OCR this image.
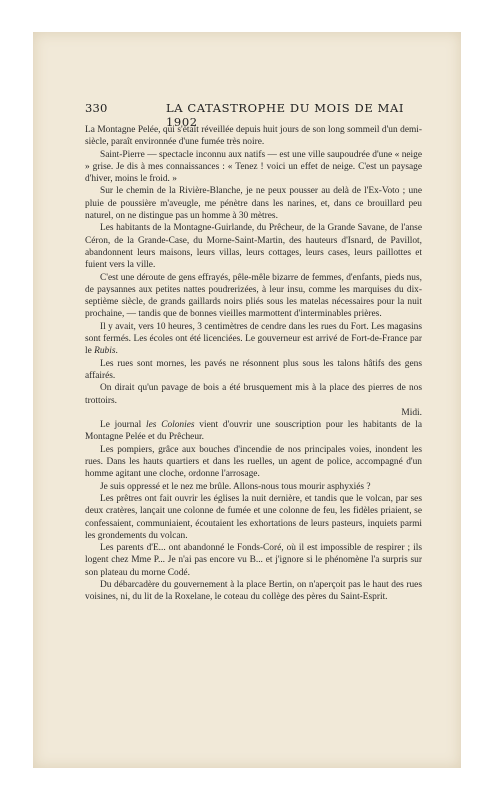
330	LA CATASTROPHE DU MOIS DE MAI 1902

La Montagne Pelée, qui s'était réveillée depuis huit jours de son long sommeil d'un demi-siècle, paraît environnée d'une fumée très noire.

Saint-Pierre — spectacle inconnu aux natifs — est une ville saupoudrée d'une « neige » grise. Je dis à mes connaissances : « Tenez ! voici un effet de neige. C'est un paysage d'hiver, moins le froid. »

Sur le chemin de la Rivière-Blanche, je ne peux pousser au delà de l'Ex-Voto ; une pluie de poussière m'aveugle, me pénètre dans les narines, et, dans ce brouillard peu naturel, on ne distingue pas un homme à 30 mètres.

Les habitants de la Montagne-Guirlande, du Prêcheur, de la Grande Savane, de l'anse Céron, de la Grande-Case, du Morne-Saint-Martin, des hauteurs d'Isnard, de Pavillot, abandonnent leurs maisons, leurs villas, leurs cottages, leurs cases, leurs paillottes et fuient vers la ville.

C'est une déroute de gens effrayés, pêle-mêle bizarre de femmes, d'enfants, pieds nus, de paysannes aux petites nattes poudrerizées, à leur insu, comme les marquises du dix-septième siècle, de grands gaillards noirs pliés sous les matelas nécessaires pour la nuit prochaine, — tandis que de bonnes vieilles marmottent d'interminables prières.

Il y avait, vers 10 heures, 3 centimètres de cendre dans les rues du Fort. Les magasins sont fermés. Les écoles ont été licenciées. Le gouverneur est arrivé de Fort-de-France par le Rubis.

Les rues sont mornes, les pavés ne résonnent plus sous les talons hâtifs des gens affairés.

On dirait qu'un pavage de bois a été brusquement mis à la place des pierres de nos trottoirs.

Midi.

Le journal les Colonies vient d'ouvrir une souscription pour les habitants de la Montagne Pelée et du Prêcheur.

Les pompiers, grâce aux bouches d'incendie de nos principales voies, inondent les rues. Dans les hauts quartiers et dans les ruelles, un agent de police, accompagné d'un homme agitant une cloche, ordonne l'arrosage.

Je suis oppressé et le nez me brûle. Allons-nous tous mourir asphyxiés ?

Les prêtres ont fait ouvrir les églises la nuit dernière, et tandis que le volcan, par ses deux cratères, lançait une colonne de fumée et une colonne de feu, les fidèles priaient, se confessaient, communiaient, écoutaient les exhortations de leurs pasteurs, inquiets parmi les grondements du volcan.

Les parents d'E... ont abandonné le Fonds-Coré, où il est impossible de respirer ; ils logent chez Mme P... Je n'ai pas encore vu B... et j'ignore si le phénomène l'a surpris sur son plateau du morne Codé.

Du débarcadère du gouvernement à la place Bertin, on n'aperçoit pas le haut des rues voisines, ni, du lit de la Roxelane, le coteau du collège des pères du Saint-Esprit.
